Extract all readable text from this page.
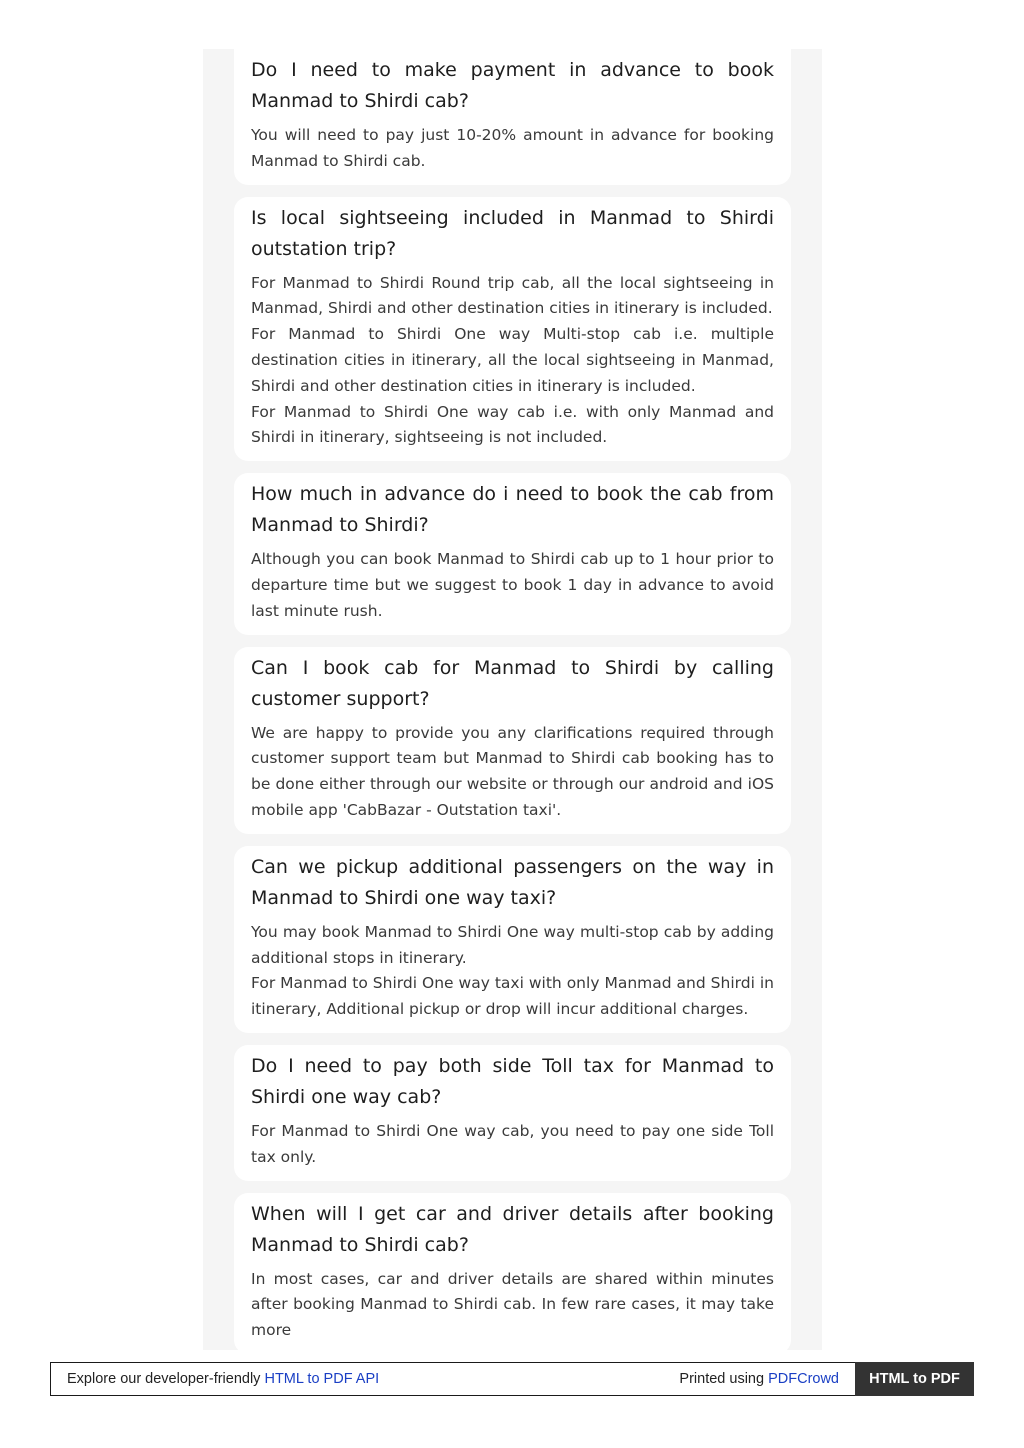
Do I need to make payment in advance to book Manmad to Shirdi cab?

You will need to pay just 10-20% amount in advance for booking Manmad to Shirdi cab.

Is local sightseeing included in Manmad to Shirdi outstation trip?

For Manmad to Shirdi Round trip cab, all the local sightseeing in Manmad, Shirdi and other destination cities in itinerary is included.

For Manmad to Shirdi One way Multi-stop cab i.e. multiple destination cities in itinerary, all the local sightseeing in Manmad, Shirdi and other destination cities in itinerary is included.

For Manmad to Shirdi One way cab i.e. with only Manmad and Shirdi in itinerary, sightseeing is not included.

How much in advance do i need to book the cab from Manmad to Shirdi?

Although you can book Manmad to Shirdi cab up to 1 hour prior to departure time but we suggest to book 1 day in advance to avoid last minute rush.

Can I book cab for Manmad to Shirdi by calling customer support?

We are happy to provide you any clarifications required through customer support team but Manmad to Shirdi cab booking has to be done either through our website or through our android and iOS mobile app 'CabBazar - Outstation taxi'.

Can we pickup additional passengers on the way in Manmad to Shirdi one way taxi?

You may book Manmad to Shirdi One way multi-stop cab by adding additional stops in itinerary.

For Manmad to Shirdi One way taxi with only Manmad and Shirdi in itinerary, Additional pickup or drop will incur additional charges.

Do I need to pay both side Toll tax for Manmad to Shirdi one way cab?

For Manmad to Shirdi One way cab, you need to pay one side Toll tax only.

When will I get car and driver details after booking Manmad to Shirdi cab?

In most cases, car and driver details are shared within minutes after booking Manmad to Shirdi cab. In few rare cases, it may take more

Explore our developer-friendly HTML to PDF API	Printed using PDFCrowd	HTML to PDF
